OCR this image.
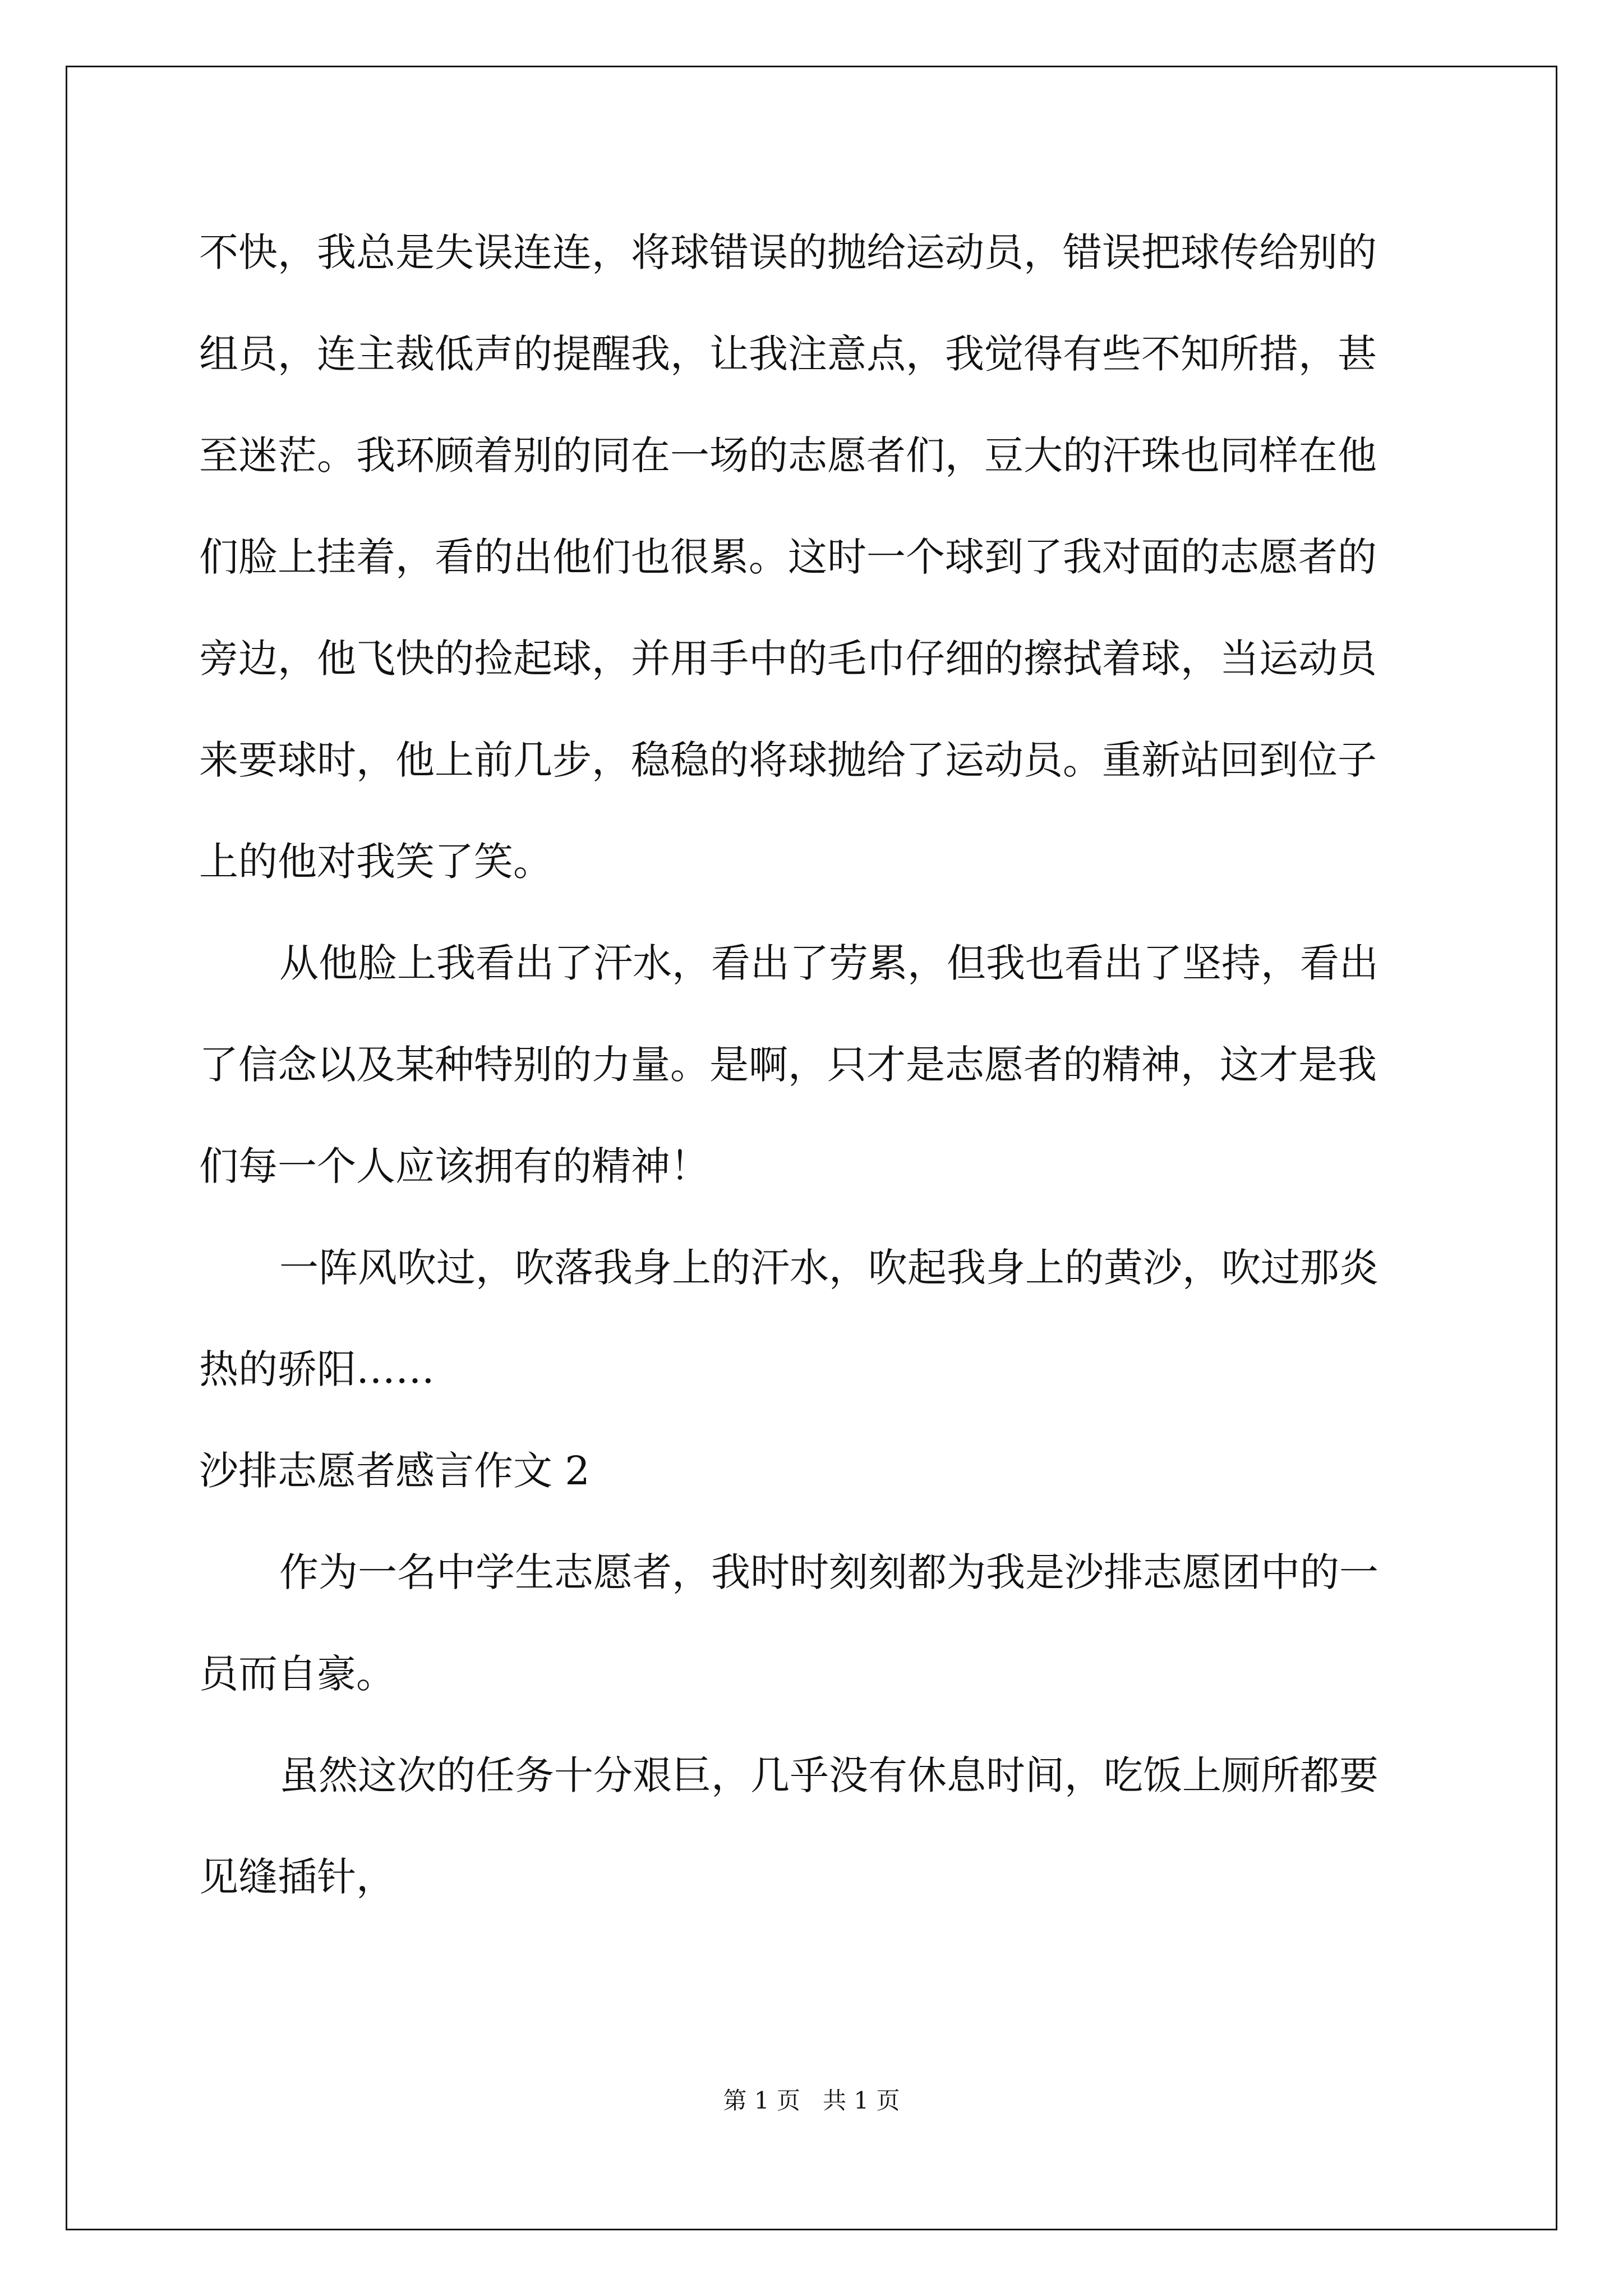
不快，我总是失误连连，将球错误的抛给运动员，错误把球传给别的

组员，连主裁低声的提醒我，让我注意点，我觉得有些不知所措，甚

至迷茫。我环顾着别的同在一场的志愿者们，豆大的汗珠也同样在他

们脸上挂着，看的出他们也很累。这时一个球到了我对面的志愿者的

旁边，他飞快的捡起球，并用手中的毛巾仔细的擦拭着球，当运动员

来要球时，他上前几步，稳稳的将球抛给了运动员。重新站回到位子

上的他对我笑了笑。

从他脸上我看出了汗水，看出了劳累，但我也看出了坚持，看出

了信念以及某种特别的力量。是啊，只才是志愿者的精神，这才是我

们每一个人应该拥有的精神！

一阵风吹过，吹落我身上的汗水，吹起我身上的黄沙，吹过那炎

热的骄阳……

沙排志愿者感言作文 2

作为一名中学生志愿者，我时时刻刻都为我是沙排志愿团中的一

员而自豪。

虽然这次的任务十分艰巨，几乎没有休息时间，吃饭上厕所都要

见缝插针，

第 1 页   共 1 页
